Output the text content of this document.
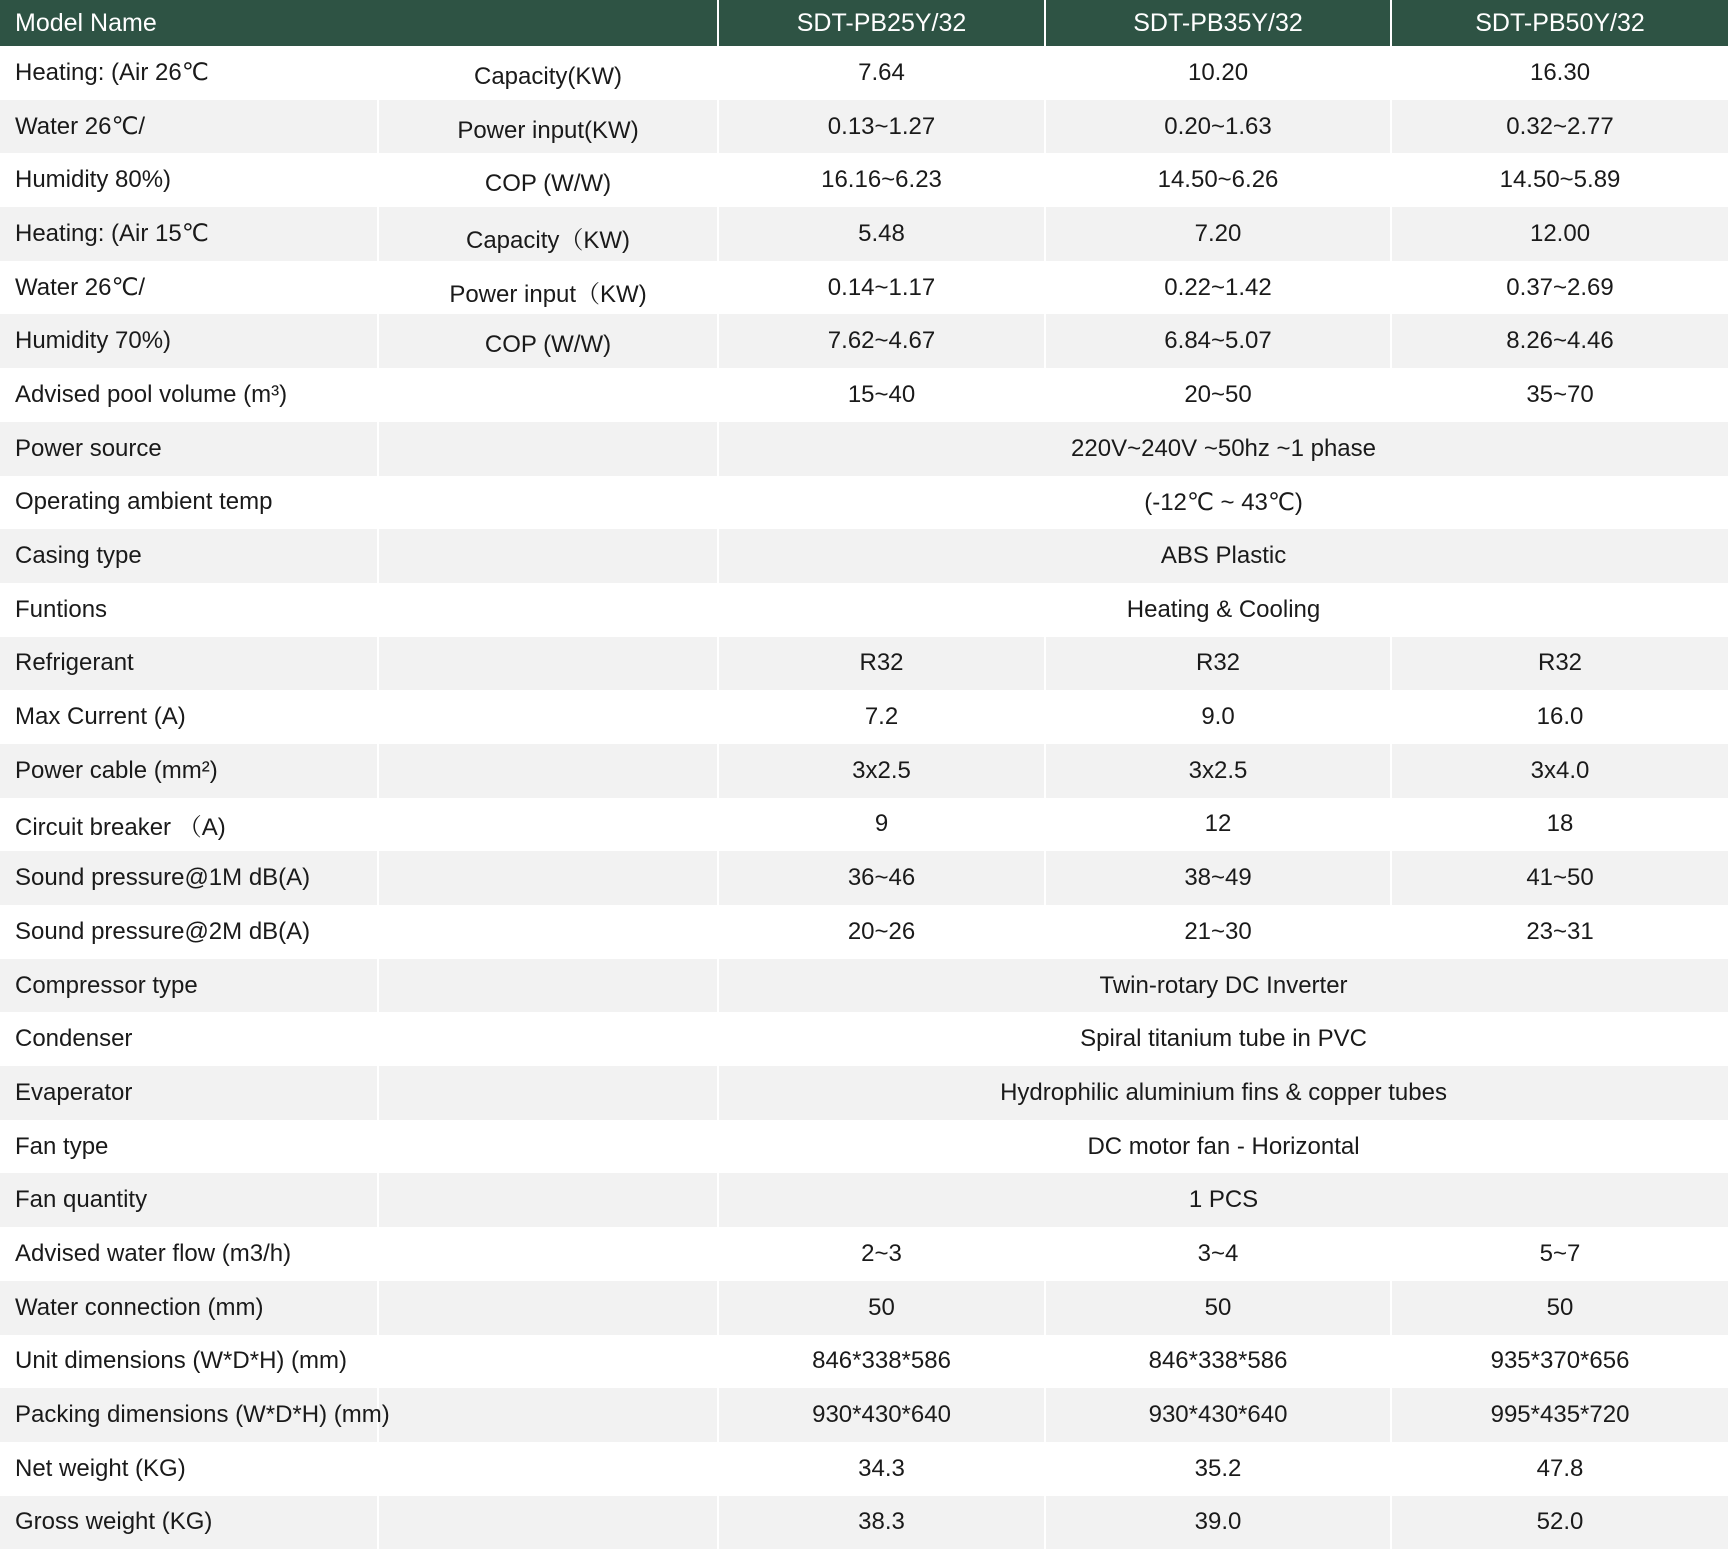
Model Name		SDT-PB25Y/32	SDT-PB35Y/32	SDT-PB50Y/32
Heating: (Air 26℃	Capacity(KW)	7.64	10.20	16.30
Water 26℃/	Power input(KW)	0.13~1.27	0.20~1.63	0.32~2.77
Humidity 80%)	COP (W/W)	16.16~6.23	14.50~6.26	14.50~5.89
Heating: (Air 15℃	Capacity（KW)	5.48	7.20	12.00
Water 26℃/	Power input（KW)	0.14~1.17	0.22~1.42	0.37~2.69
Humidity 70%)	COP (W/W)	7.62~4.67	6.84~5.07	8.26~4.46
Advised pool volume (m³)		15~40	20~50	35~70
Power source		220V~240V ~50hz ~1 phase		
Operating ambient temp		(-12℃ ~ 43℃)		
Casing type		ABS Plastic		
Funtions		Heating & Cooling		
Refrigerant		R32	R32	R32
Max Current (A)		7.2	9.0	16.0
Power cable (mm²)		3x2.5	3x2.5	3x4.0
Circuit breaker （A)		9	12	18
Sound pressure@1M dB(A)		36~46	38~49	41~50
Sound pressure@2M dB(A)		20~26	21~30	23~31
Compressor type		Twin-rotary DC Inverter		
Condenser		Spiral titanium tube in PVC		
Evaperator		Hydrophilic aluminium fins & copper tubes		
Fan type		DC motor fan - Horizontal		
Fan quantity		1 PCS		
Advised water flow (m3/h)		2~3	3~4	5~7
Water connection (mm)		50	50	50
Unit dimensions (W*D*H) (mm)		846*338*586	846*338*586	935*370*656
Packing dimensions (W*D*H) (mm)		930*430*640	930*430*640	995*435*720
Net weight (KG)		34.3	35.2	47.8
Gross weight (KG)		38.3	39.0	52.0
